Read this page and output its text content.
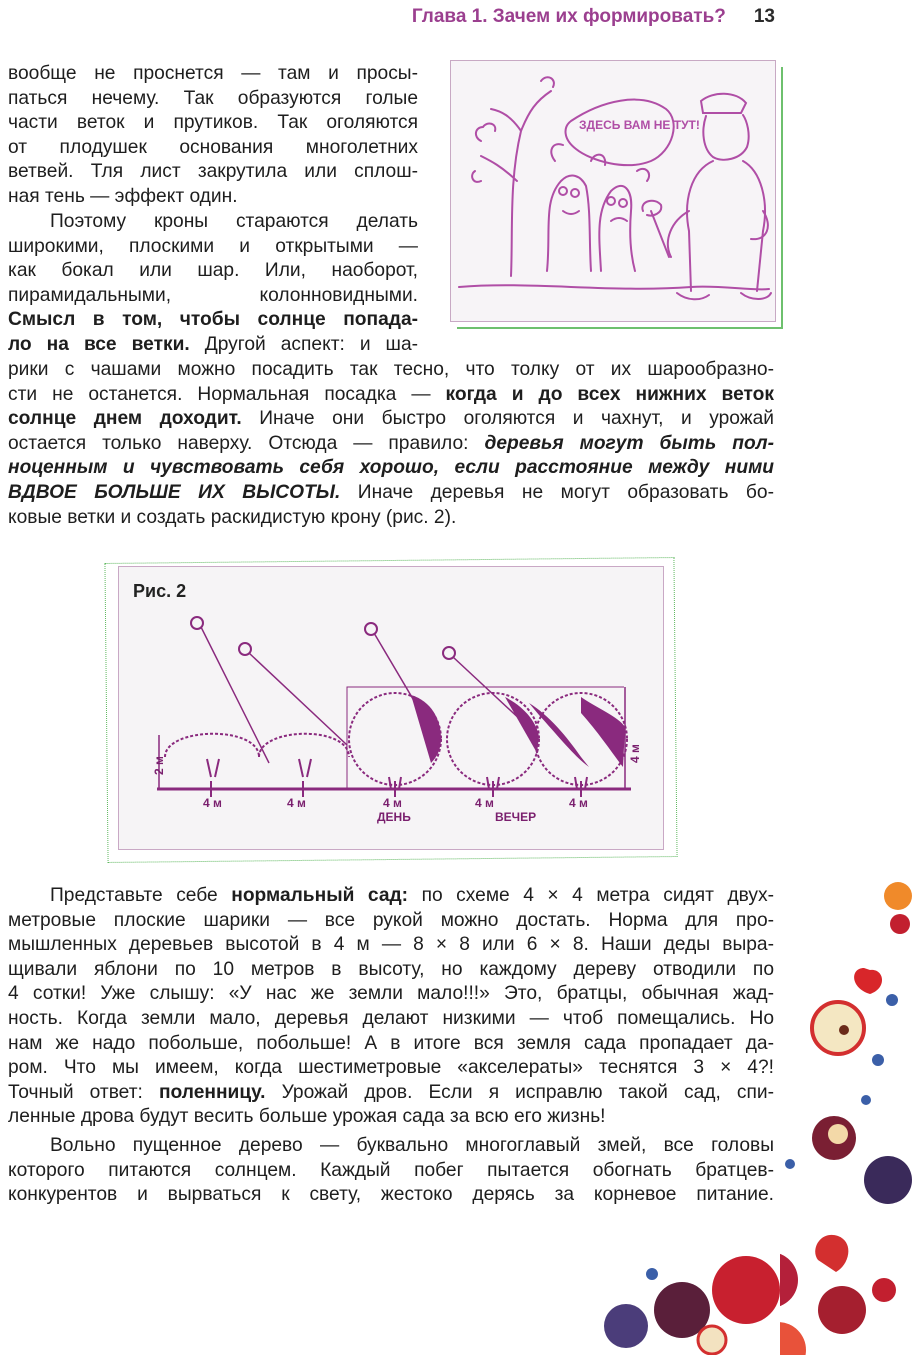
Глава 1. Зачем их формировать? 13
ЗДЕСЬ ВАМ НЕ ТУТ!
вообще не проснется — там и просы-
паться нечему. Так образуются голые
части веток и прутиков. Так оголяются
от плодушек основания многолетних
ветвей. Тля лист закрутила или сплош-
ная тень — эффект один.
Поэтому кроны стараются делать
широкими, плоскими и открытыми —
как бокал или шар. Или, наоборот,
пирамидальными, колонновидными.
Смысл в том, чтобы солнце попада-
ло на все ветки. Другой аспект: и ша-
рики с чашами можно посадить так тесно, что толку от их шарообразно-
сти не останется. Нормальная посадка — когда и до всех нижних веток
солнце днем доходит. Иначе они быстро оголяются и чахнут, и урожай
остается только наверху. Отсюда — правило: деревья могут быть пол-
ноценным и чувствовать себя хорошо, если расстояние между ними
ВДВОЕ БОЛЬШЕ ИХ ВЫСОТЫ. Иначе деревья не могут образовать бо-
ковые ветки и создать раскидистую крону (рис. 2).
Рис. 2
4 м	4 м	4 м	4 м	4 м
ДЕНЬ	ВЕЧЕР
2 м
4 м
Представьте себе нормальный сад: по схеме 4 × 4 метра сидят двух-
метровые плоские шарики — все рукой можно достать. Норма для про-
мышленных деревьев высотой в 4 м — 8 × 8 или 6 × 8. Наши деды выра-
щивали яблони по 10 метров в высоту, но каждому дереву отводили по
4 сотки! Уже слышу: «У нас же земли мало!!!» Это, братцы, обычная жад-
ность. Когда земли мало, деревья делают низкими — чтоб помещались. Но
нам же надо побольше, побольше! А в итоге вся земля сада пропадает да-
ром. Что мы имеем, когда шестиметровые «акселераты» теснятся 3 × 4?!
Точный ответ: поленницу. Урожай дров. Если я исправлю такой сад, спи-
ленные дрова будут весить больше урожая сада за всю его жизнь!
Вольно пущенное дерево — буквально многоглавый змей, все головы
которого питаются солнцем. Каждый побег пытается обогнать братцев-
конкурентов и вырваться к свету, жестоко дерясь за корневое питание.
